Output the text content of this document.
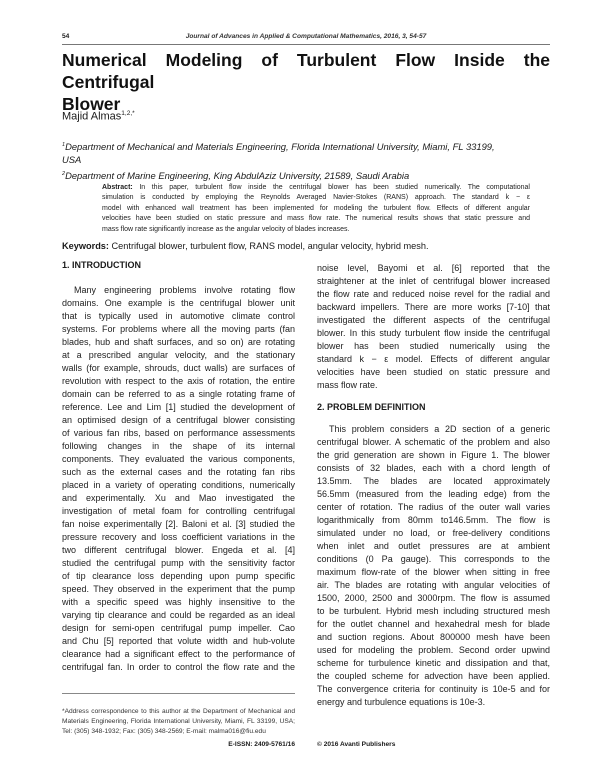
54	Journal of Advances in Applied & Computational Mathematics, 2016, 3, 54-57
Numerical Modeling of Turbulent Flow Inside the Centrifugal
Blower
Majid Almas$^{1,2,*}$
$^1$Department of Mechanical and Materials Engineering, Florida International University, Miami, FL 33199,
USA
$^2$Department of Marine Engineering, King AbdulAziz University, 21589, Saudi Arabia
Abstract: In this paper, turbulent flow inside the centrifugal blower has been studied numerically. The computational
simulation is conducted by employing the Reynolds Averaged Navier-Stokes (RANS) approach. The standard k − ε
model with enhanced wall treatment has been implemented for modeling the turbulent flow. Effects of different angular
velocities have been studied on static pressure and mass flow rate. The numerical results shows that static pressure and
mass flow rate significantly increase as the angular velocity of blades increases.
Keywords: Centrifugal blower, turbulent flow, RANS model, angular velocity, hybrid mesh.
1. INTRODUCTION
Many engineering problems involve rotating flow
domains. One example is the centrifugal blower unit
that is typically used in automotive climate control
systems. For problems where all the moving parts (fan
blades, hub and shaft surfaces, and so on) are rotating
at a prescribed angular velocity, and the stationary
walls (for example, shrouds, duct walls) are surfaces of
revolution with respect to the axis of rotation, the entire
domain can be referred to as a single rotating frame of
reference. Lee and Lim [1] studied the development of
an optimised design of a centrifugal blower consisting
of various fan ribs, based on performance assessments
following changes in the shape of its internal
components. They evaluated the various components,
such as the external cases and the rotating fan ribs
placed in a variety of operating conditions, numerically
and experimentally. Xu and Mao investigated the
investigation of metal foam for controlling centrifugal
fan noise experimentally [2]. Baloni et al. [3] studied the
pressure recovery and loss coefficient variations in the
two different centrifugal blower. Engeda et al. [4]
studied the centrifugal pump with the sensitivity factor
of tip clearance loss depending upon pump specific
speed. They observed in the experiment that the pump
with a specific speed was highly insensitive to the
varying tip clearance and could be regarded as an ideal
design for semi-open centrifugal pump impeller. Cao
and Chu [5] reported that volute width and hub-volute
clearance had a significant effect to the performance of
centrifugal fan. In order to control the flow rate and the
noise level, Bayomi et al. [6] reported that the
straightener at the inlet of centrifugal blower increased
the flow rate and reduced noise revel for the radial and
backward impellers. There are more works [7-10] that
investigated the different aspects of the centrifugal
blower. In this study turbulent flow inside the centrifugal
blower has been studied numerically using the
standard k − ε model. Effects of different angular
velocities have been studied on static pressure and
mass flow rate.
2. PROBLEM DEFINITION
This problem considers a 2D section of a generic
centrifugal blower. A schematic of the problem and also
the grid generation are shown in Figure 1. The blower
consists of 32 blades, each with a chord length of
13.5mm. The blades are located approximately
56.5mm (measured from the leading edge) from the
center of rotation. The radius of the outer wall varies
logarithmically from 80mm to146.5mm. The flow is
simulated under no load, or free-delivery conditions
when inlet and outlet pressures are at ambient
conditions (0 Pa gauge). This corresponds to the
maximum flow-rate of the blower when sitting in free
air. The blades are rotating with angular velocities of
1500, 2000, 2500 and 3000rpm. The flow is assumed
to be turbulent. Hybrid mesh including structured mesh
for the outlet channel and hexahedral mesh for blade
and suction regions. About 800000 mesh have been
used for modeling the problem. Second order upwind
scheme for turbulence kinetic and dissipation and that,
the coupled scheme for advection have been applied.
The convergence criteria for continuity is 10e-5 and for
energy and turbulence equations is 10e-3.
*Address correspondence to this author at the Department of Mechanical and
Materials Engineering, Florida International University, Miami, FL 33199, USA;
Tel: (305) 348-1932; Fax: (305) 348-2569; E-mail: malma016@fiu.edu
E-ISSN: 2409-5761/16	© 2016 Avanti Publishers
